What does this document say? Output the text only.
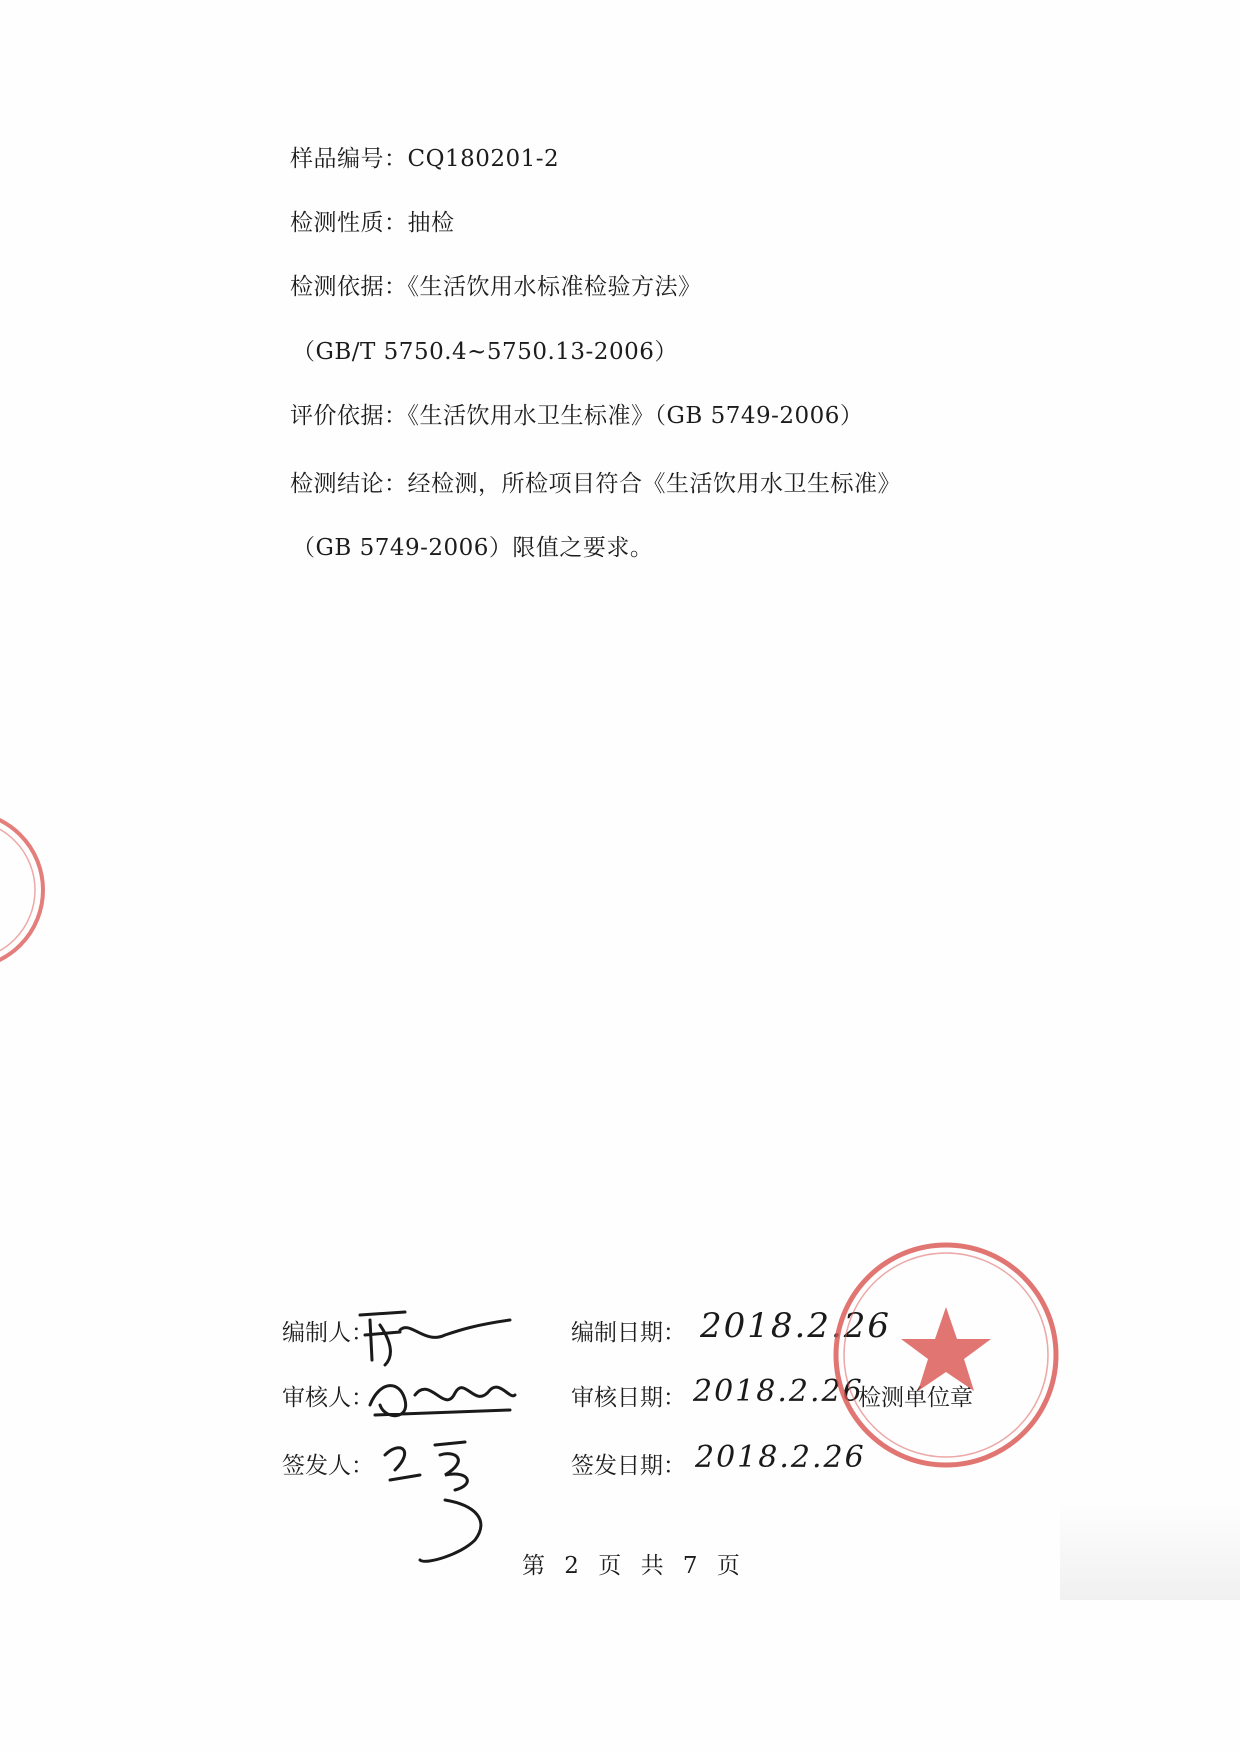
样品编号：CQ180201-2
检测性质：抽检
检测依据：《生活饮用水标准检验方法》
（GB/T 5750.4~5750.13-2006）
评价依据：《生活饮用水卫生标准》（GB 5749-2006）
检测结论：经检测，所检项目符合《生活饮用水卫生标准》
（GB 5749-2006）限值之要求。
编制人：	编制日期： 2018.2.26
审核人：	审核日期： 2018.2.26
检测单位章
签发人：	签发日期： 2018.2.26
第 2 页 共 7 页
